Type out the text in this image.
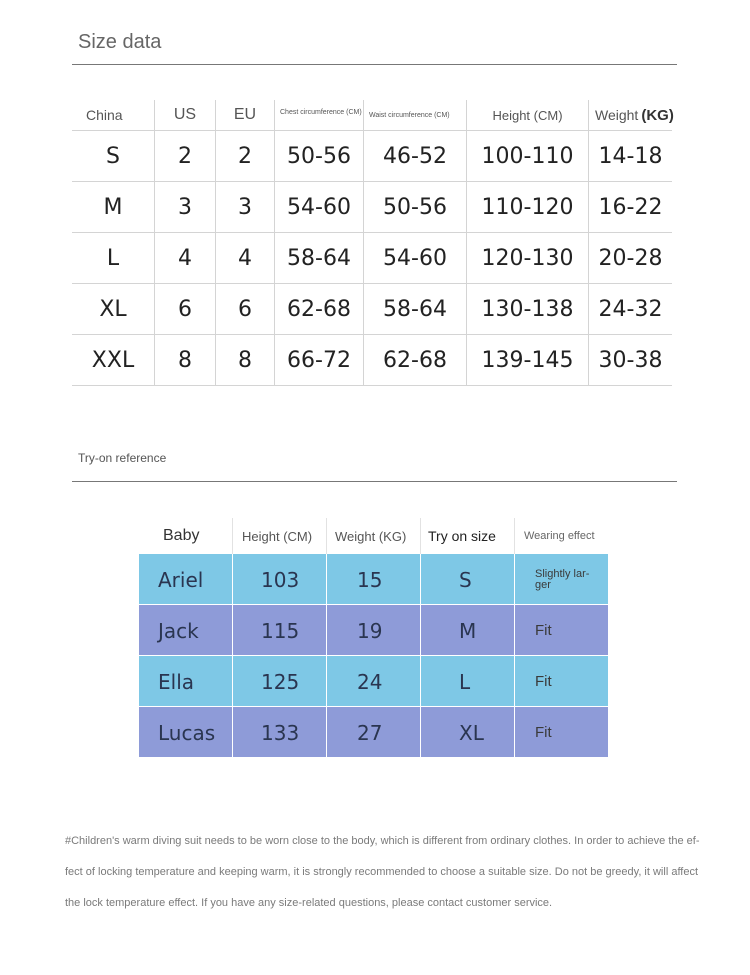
Size data
China	US	EU	Chest circumference (CM)	Waist circumference (CM)	Height (CM)	Weight (KG)
S	2	2	50-56	46-52	100-110	14-18
M	3	3	54-60	50-56	110-120	16-22
L	4	4	58-64	54-60	120-130	20-28
XL	6	6	62-68	58-64	130-138	24-32
XXL	8	8	66-72	62-68	139-145	30-38
Try-on reference
Baby	Height (CM)	Weight (KG)	Try on size	Wearing effect
Ariel	103	15	S	Slightly lar-ger
Jack	115	19	M	Fit
Ella	125	24	L	Fit
Lucas	133	27	XL	Fit
#Children's warm diving suit needs to be worn close to the body, which is different from ordinary clothes. In order to achieve the ef-fect of locking temperature and keeping warm, it is strongly recommended to choose a suitable size. Do not be greedy, it will affect the lock temperature effect. If you have any size-related questions, please contact customer service.
